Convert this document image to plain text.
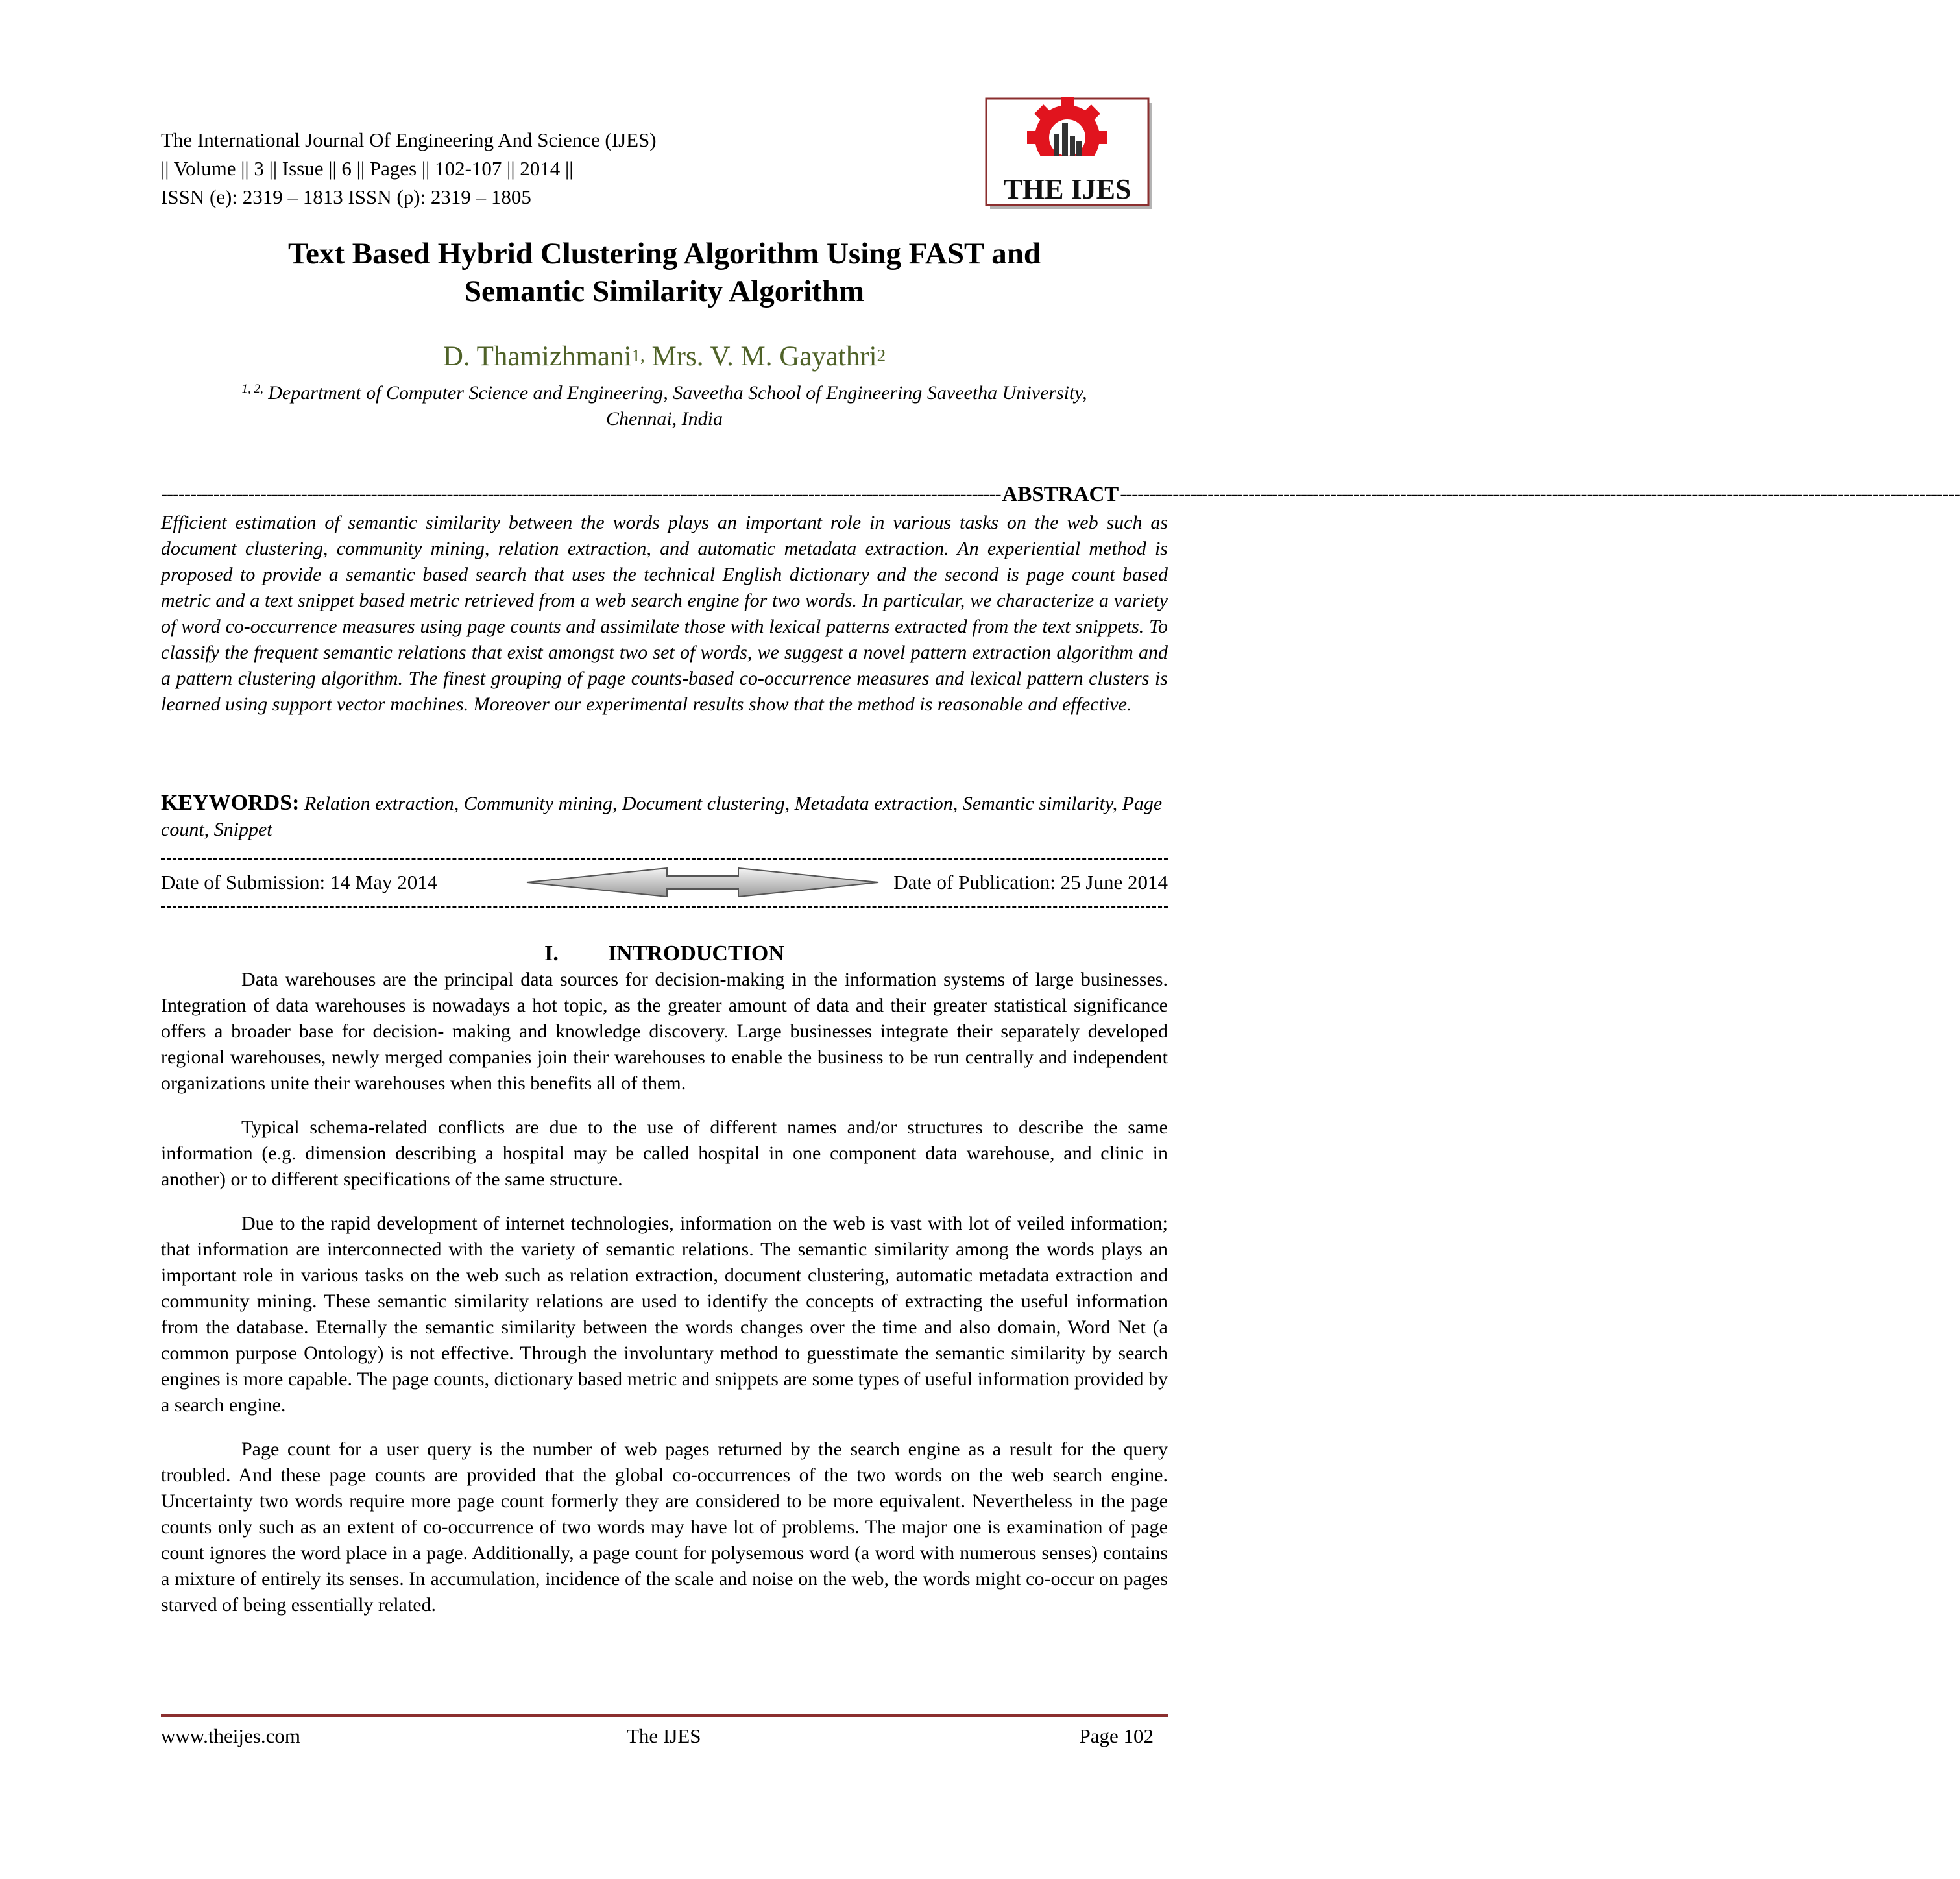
The International Journal Of Engineering And Science (IJES)
|| Volume || 3 || Issue || 6 || Pages || 102-107 || 2014 ||
ISSN (e): 2319 – 1813 ISSN (p): 2319 – 1805	THE IJES
Text Based Hybrid Clustering Algorithm Using FAST and
Semantic Similarity Algorithm
D. Thamizhmani$^{1,}$ Mrs. V. M. Gayathri$^2$
$^{1, 2,}$ Department of Computer Science and Engineering, Saveetha School of Engineering Saveetha University,
Chennai, India
------------------------------------------------------------------------------------------------------------------------------------------------ ABSTRACT ------------------------------------------------------------------------------------------------------------------------------------------------
Efficient estimation of semantic similarity between the words plays an important role in various tasks on the web such as document clustering, community mining, relation extraction, and automatic metadata extraction. An experiential method is proposed to provide a semantic based search that uses the technical English dictionary and the second is page count based metric and a text snippet based metric retrieved from a web search engine for two words. In particular, we characterize a variety of word co-occurrence measures using page counts and assimilate those with lexical patterns extracted from the text snippets. To classify the frequent semantic relations that exist amongst two set of words, we suggest a novel pattern extraction algorithm and a pattern clustering algorithm. The finest grouping of page counts-based co-occurrence measures and lexical pattern clusters is learned using support vector machines. Moreover our experimental results show that the method is reasonable and effective.
KEYWORDS: Relation extraction, Community mining, Document clustering, Metadata extraction, Semantic similarity, Page count, Snippet
Date of Submission: 14 May 2014	Date of Publication: 25 June 2014
I. INTRODUCTION

Data warehouses are the principal data sources for decision-making in the information systems of large businesses. Integration of data warehouses is nowadays a hot topic, as the greater amount of data and their greater statistical significance offers a broader base for decision- making and knowledge discovery. Large businesses integrate their separately developed regional warehouses, newly merged companies join their warehouses to enable the business to be run centrally and independent organizations unite their warehouses when this benefits all of them.

Typical schema-related conflicts are due to the use of different names and/or structures to describe the same information (e.g. dimension describing a hospital may be called hospital in one component data warehouse, and clinic in another) or to different specifications of the same structure.

Due to the rapid development of internet technologies, information on the web is vast with lot of veiled information; that information are interconnected with the variety of semantic relations. The semantic similarity among the words plays an important role in various tasks on the web such as relation extraction, document clustering, automatic metadata extraction and community mining. These semantic similarity relations are used to identify the concepts of extracting the useful information from the database. Eternally the semantic similarity between the words changes over the time and also domain, Word Net (a common purpose Ontology) is not effective. Through the involuntary method to guesstimate the semantic similarity by search engines is more capable. The page counts, dictionary based metric and snippets are some types of useful information provided by a search engine.

Page count for a user query is the number of web pages returned by the search engine as a result for the query troubled. And these page counts are provided that the global co-occurrences of the two words on the web search engine. Uncertainty two words require more page count formerly they are considered to be more equivalent. Nevertheless in the page counts only such as an extent of co-occurrence of two words may have lot of problems. The major one is examination of page count ignores the word place in a page. Additionally, a page count for polysemous word (a word with numerous senses) contains a mixture of entirely its senses. In accumulation, incidence of the scale and noise on the web, the words might co-occur on pages starved of being essentially related.

www.theijes.com	The IJES	Page 102
